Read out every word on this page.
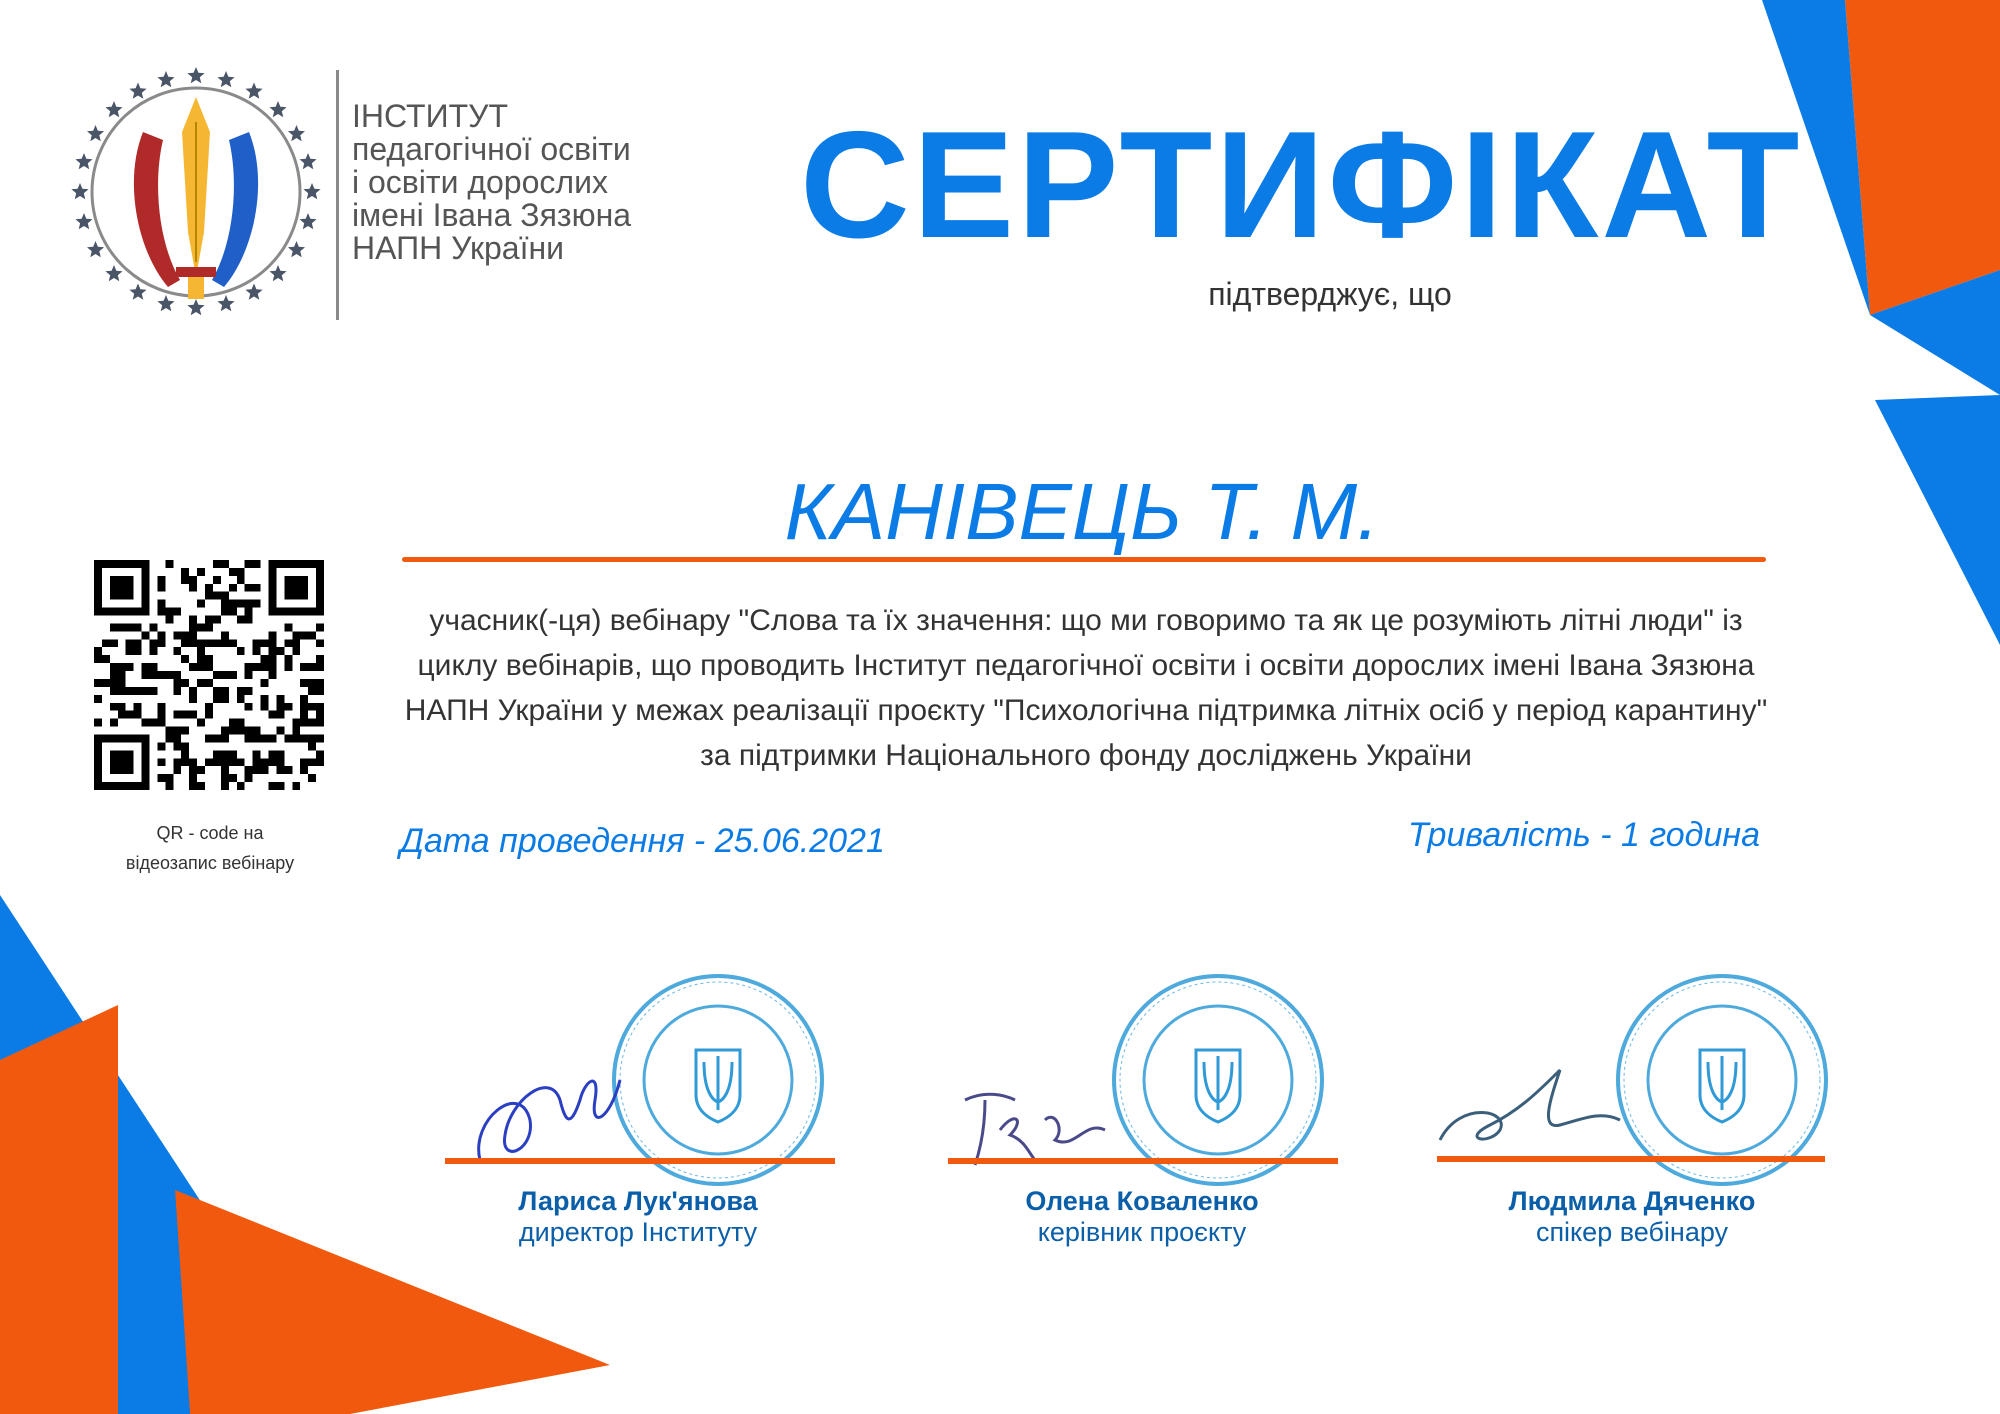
ІНСТИТУТ
педагогічної освіти
і освіти дорослих
імені Івана Зязюна
НАПН України	СЕРТИФІКАТ
підтверджує, що
КАНІВЕЦЬ Т. М.
QR - code на
відеозапис вебінару
учасник(-ця) вебінару "Слова та їх значення: що ми говоримо та як це розуміють літні люди" із циклу вебінарів, що проводить Інститут педагогічної освіти і освіти дорослих імені Івана Зязюна НАПН України у межах реалізації проєкту "Психологічна підтримка літніх осіб у період карантину" за підтримки Національного фонду досліджень України
Дата проведення - 25.06.2021	Тривалість - 1 година
Лариса Лук'янова
директор Інституту
Олена Коваленко
керівник проєкту
Людмила Дяченко
спікер вебінару
